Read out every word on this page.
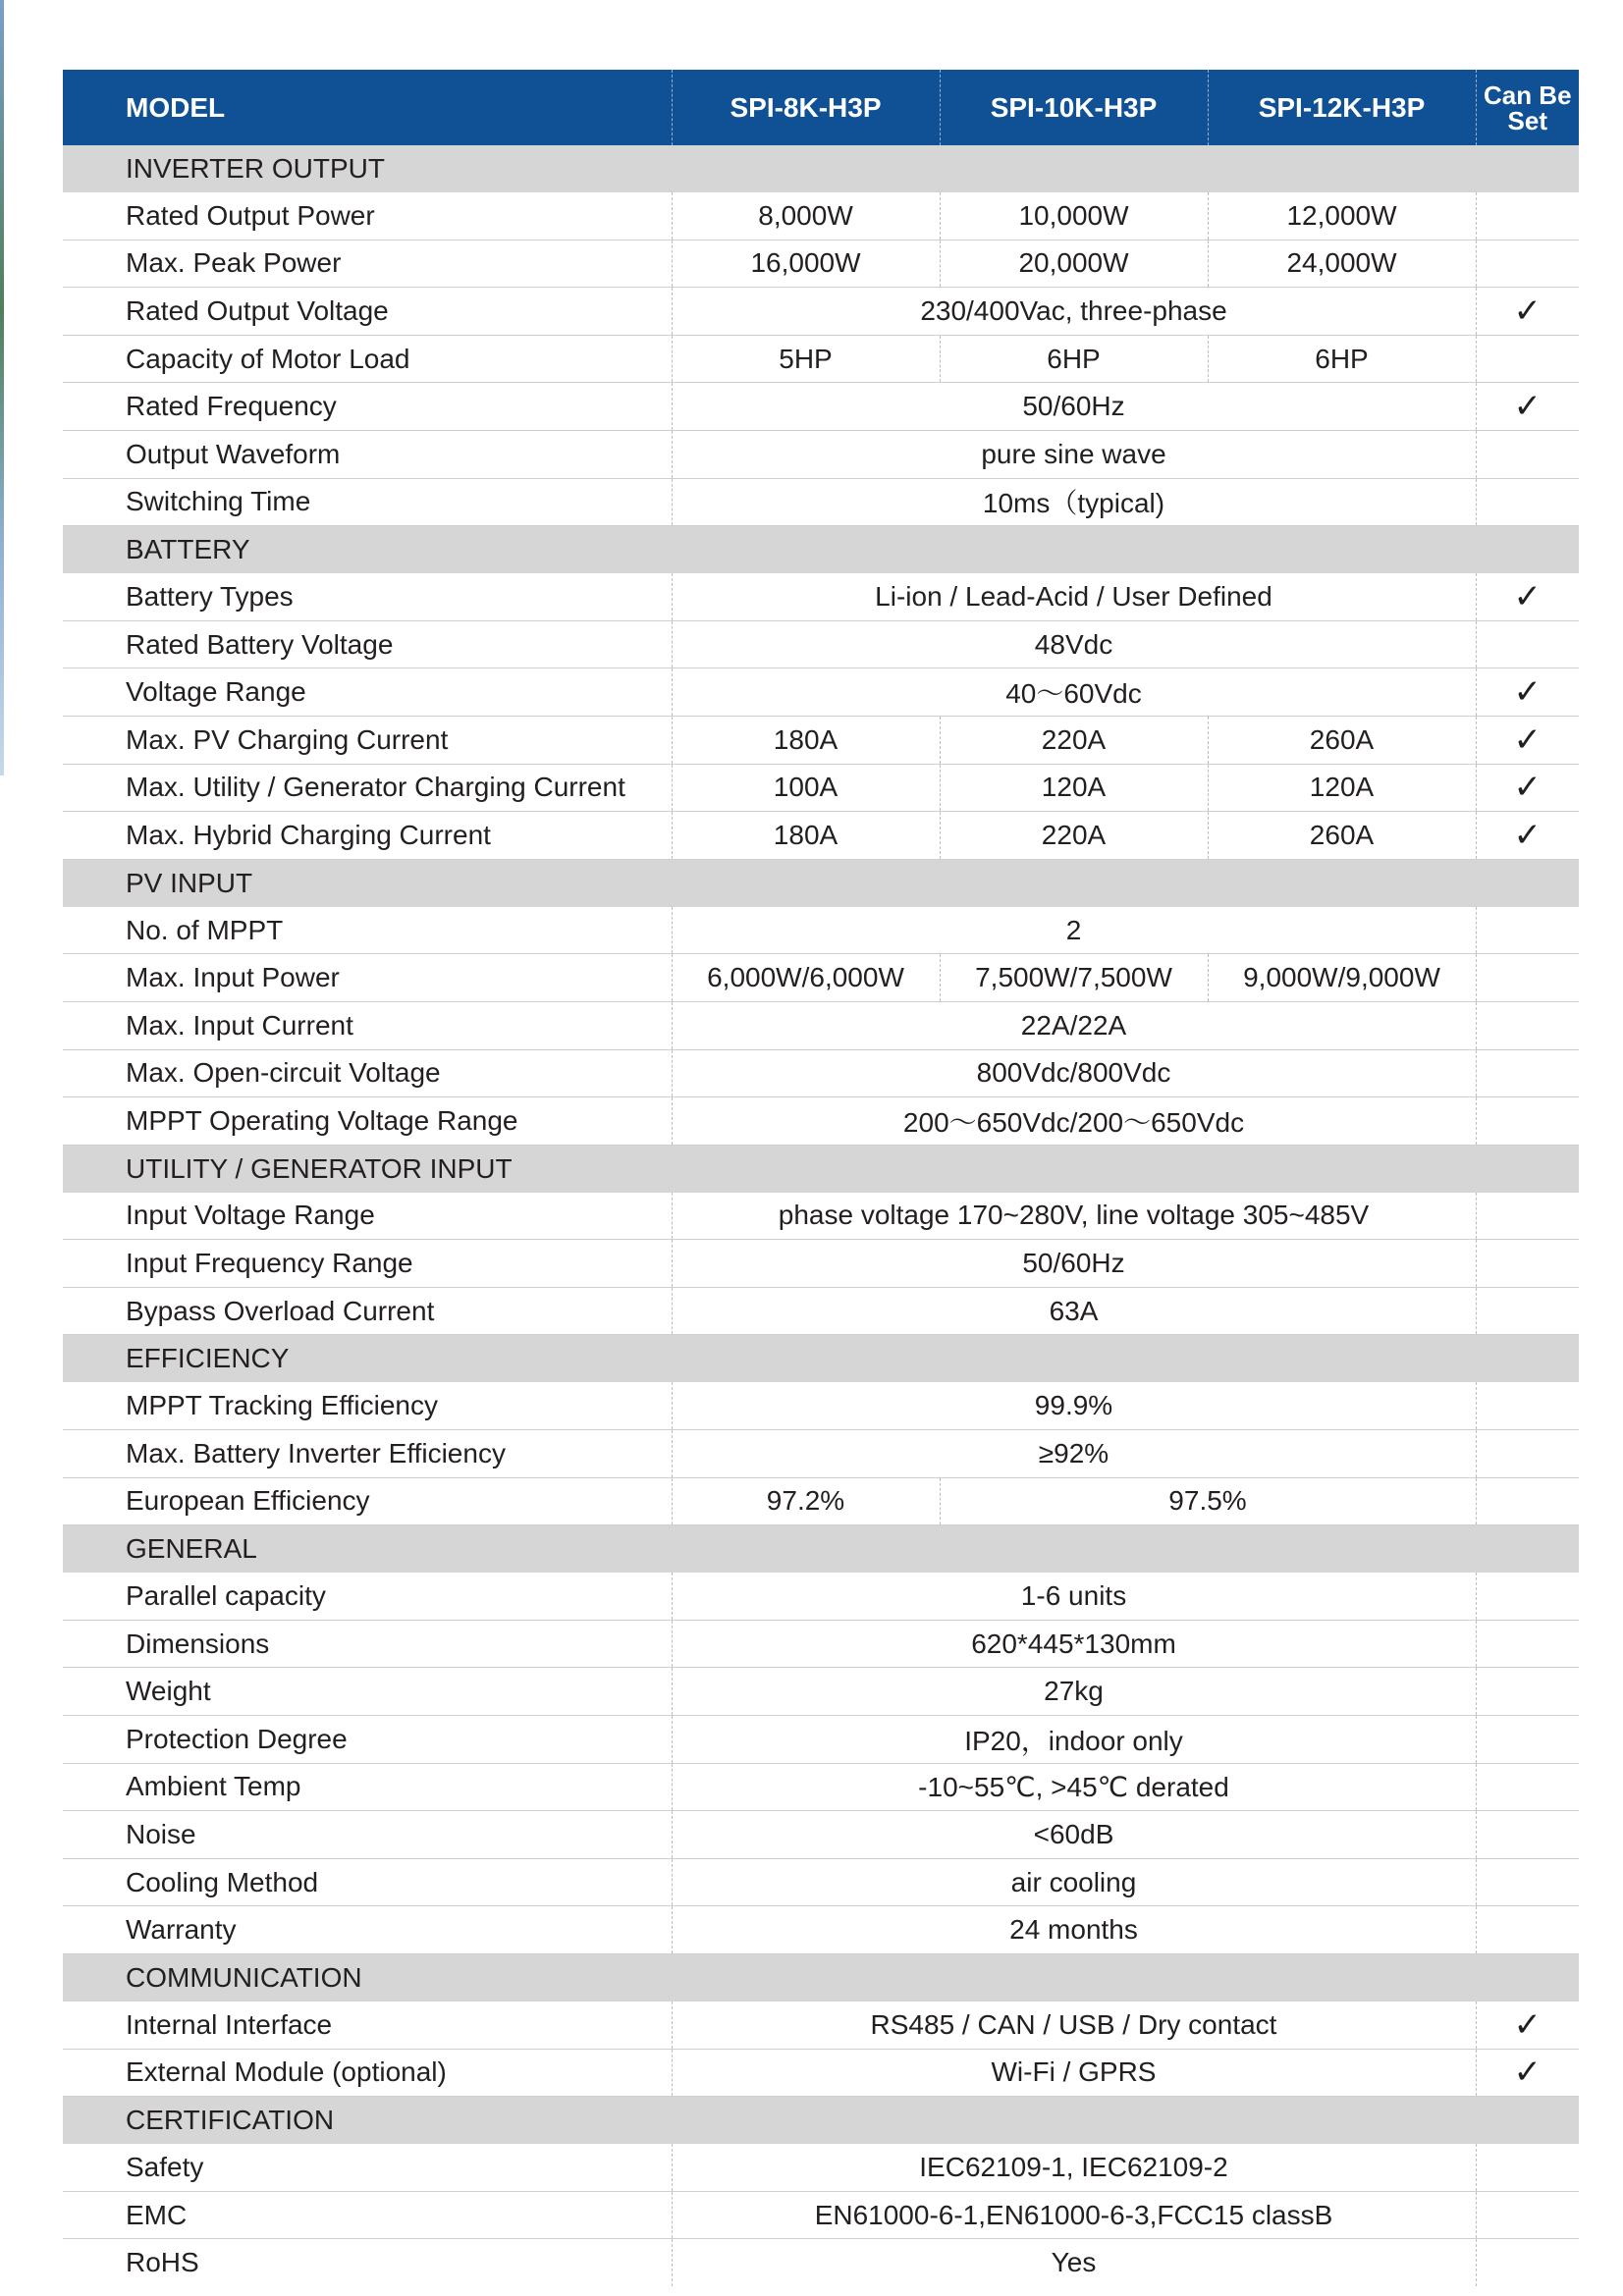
MODEL	SPI-8K-H3P	SPI-10K-H3P	SPI-12K-H3P	Can Be
Set
INVERTER OUTPUT				
Rated Output Power	8,000W	10,000W	12,000W	
Max. Peak Power	16,000W	20,000W	24,000W	
Rated Output Voltage	230/400Vac, three-phase			✓
Capacity of Motor Load	5HP	6HP	6HP	
Rated Frequency	50/60Hz			✓
Output Waveform	pure sine wave			
Switching Time	10ms（typical)			
BATTERY				
Battery Types	Li-ion / Lead-Acid / User Defined			✓
Rated Battery Voltage	48Vdc			
Voltage Range	40～60Vdc			✓
Max. PV Charging Current	180A	220A	260A	✓
Max. Utility / Generator Charging Current	100A	120A	120A	✓
Max. Hybrid Charging Current	180A	220A	260A	✓
PV INPUT				
No. of MPPT	2			
Max. Input Power	6,000W/6,000W	7,500W/7,500W	9,000W/9,000W	
Max. Input Current	22A/22A			
Max. Open-circuit Voltage	800Vdc/800Vdc			
MPPT Operating Voltage Range	200～650Vdc/200～650Vdc			
UTILITY / GENERATOR INPUT				
Input Voltage Range	phase voltage 170~280V, line voltage 305~485V			
Input Frequency Range	50/60Hz			
Bypass Overload Current	63A			
EFFICIENCY				
MPPT Tracking Efficiency	99.9%			
Max. Battery Inverter Efficiency	≥92%			
European Efficiency	97.2%	97.5%		
GENERAL				
Parallel capacity	1-6 units			
Dimensions	620*445*130mm			
Weight	27kg			
Protection Degree	IP20，indoor only			
Ambient Temp	-10~55℃, >45℃ derated			
Noise	<60dB			
Cooling Method	air cooling			
Warranty	24 months			
COMMUNICATION				
Internal Interface	RS485 / CAN / USB / Dry contact			✓
External Module (optional)	Wi-Fi / GPRS			✓
CERTIFICATION				
Safety	IEC62109-1, IEC62109-2			
EMC	EN61000-6-1,EN61000-6-3,FCC15 classB			
RoHS	Yes			
